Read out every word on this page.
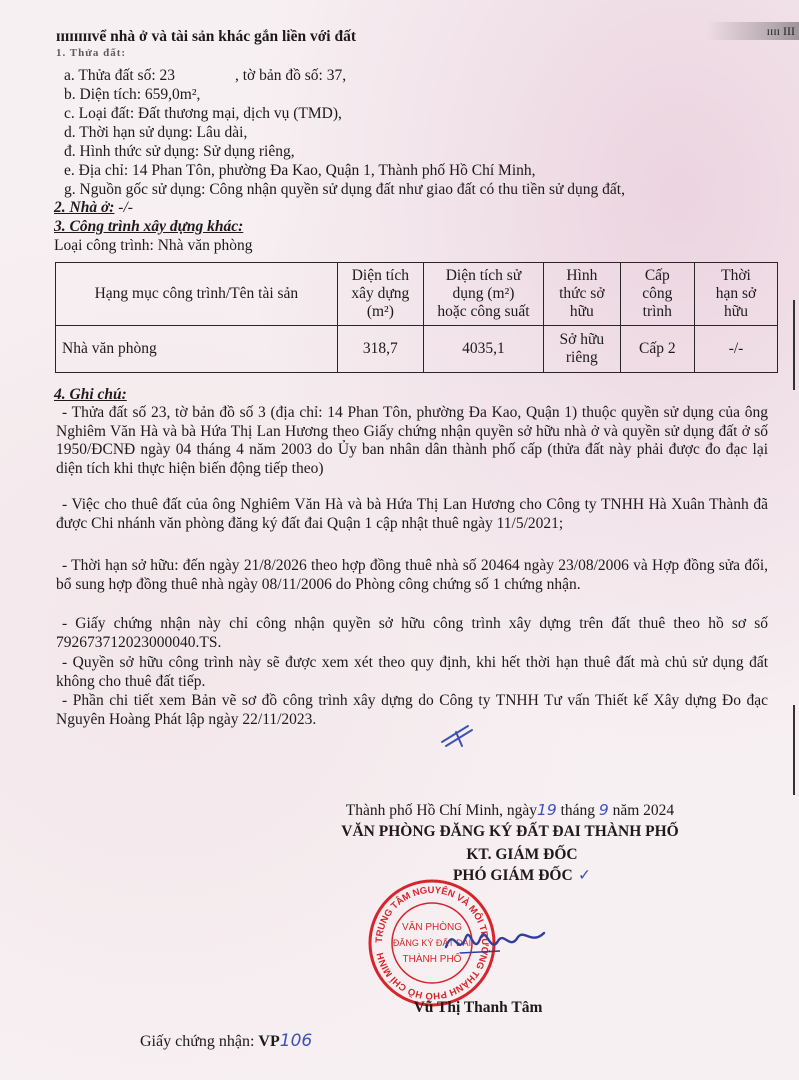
ɪɪɪɪɪɪɪɪvể nhà ở và tài sản khác gắn liền với đất
1. Thửa đất:
ɪɪɪɪ III
a. Thửa đất số: 23	, tờ bản đồ số: 37,
b. Diện tích: 659,0m²,
c. Loại đất: Đất thương mại, dịch vụ (TMD),
d. Thời hạn sử dụng: Lâu dài,
đ. Hình thức sử dụng: Sử dụng riêng,
e. Địa chỉ: 14 Phan Tôn, phường Đa Kao, Quận 1, Thành phố Hồ Chí Minh,
g. Nguồn gốc sử dụng: Công nhận quyền sử dụng đất như giao đất có thu tiền sử dụng đất,
2. Nhà ở: -/-
3. Công trình xây dựng khác:
Loại công trình: Nhà văn phòng
Hạng mục công trình/Tên tài sản	Diện tích
xây dựng
(m²)	Diện tích sử
dụng (m²)
hoặc công suất	Hình
thức sở
hữu	Cấp
công
trình	Thời
hạn sở
hữu
Nhà văn phòng	318,7	4035,1	Sở hữu
riêng	Cấp 2	-/-
4. Ghi chú:
- Thửa đất số 23, tờ bản đồ số 3 (địa chỉ: 14 Phan Tôn, phường Đa Kao, Quận 1) thuộc quyền sử dụng của ông Nghiêm Văn Hà và bà Hứa Thị Lan Hương theo Giấy chứng nhận quyền sở hữu nhà ở và quyền sử dụng đất ở số 1950/ĐCNĐ ngày 04 tháng 4 năm 2003 do Ủy ban nhân dân thành phố cấp (thửa đất này phải được đo đạc lại diện tích khi thực hiện biến động tiếp theo)
- Việc cho thuê đất của ông Nghiêm Văn Hà và bà Hứa Thị Lan Hương cho Công ty TNHH Hà Xuân Thành đã được Chi nhánh văn phòng đăng ký đất đai Quận 1 cập nhật thuê ngày 11/5/2021;
- Thời hạn sở hữu: đến ngày 21/8/2026 theo hợp đồng thuê nhà số 20464 ngày 23/08/2006 và Hợp đồng sửa đổi, bổ sung hợp đồng thuê nhà ngày 08/11/2006 do Phòng công chứng số 1 chứng nhận.
- Giấy chứng nhận này chỉ công nhận quyền sở hữu công trình xây dựng trên đất thuê theo hồ sơ số 792673712023000040.TS.
- Quyền sở hữu công trình này sẽ được xem xét theo quy định, khi hết thời hạn thuê đất mà chủ sử dụng đất không cho thuê đất tiếp.
- Phần chi tiết xem Bản vẽ sơ đồ công trình xây dựng do Công ty TNHH Tư vấn Thiết kế Xây dựng Đo đạc Nguyên Hoàng Phát lập ngày 22/11/2023.
Thành phố Hồ Chí Minh, ngày19 tháng 9 năm 2024
VĂN PHÒNG ĐĂNG KÝ ĐẤT ĐAI THÀNH PHỐ
KT. GIÁM ĐỐC
PHÓ GIÁM ĐỐC ✓
TRUNG TÂM NGUYÊN VÀ MÔI TRƯỜNG THÀNH PHỐ HỒ CHÍ MINH
VĂN PHÒNG
ĐĂNG KÝ ĐẤT ĐAI
THÀNH PHỐ
Vũ Thị Thanh Tâm
Giấy chứng nhận: VP106
